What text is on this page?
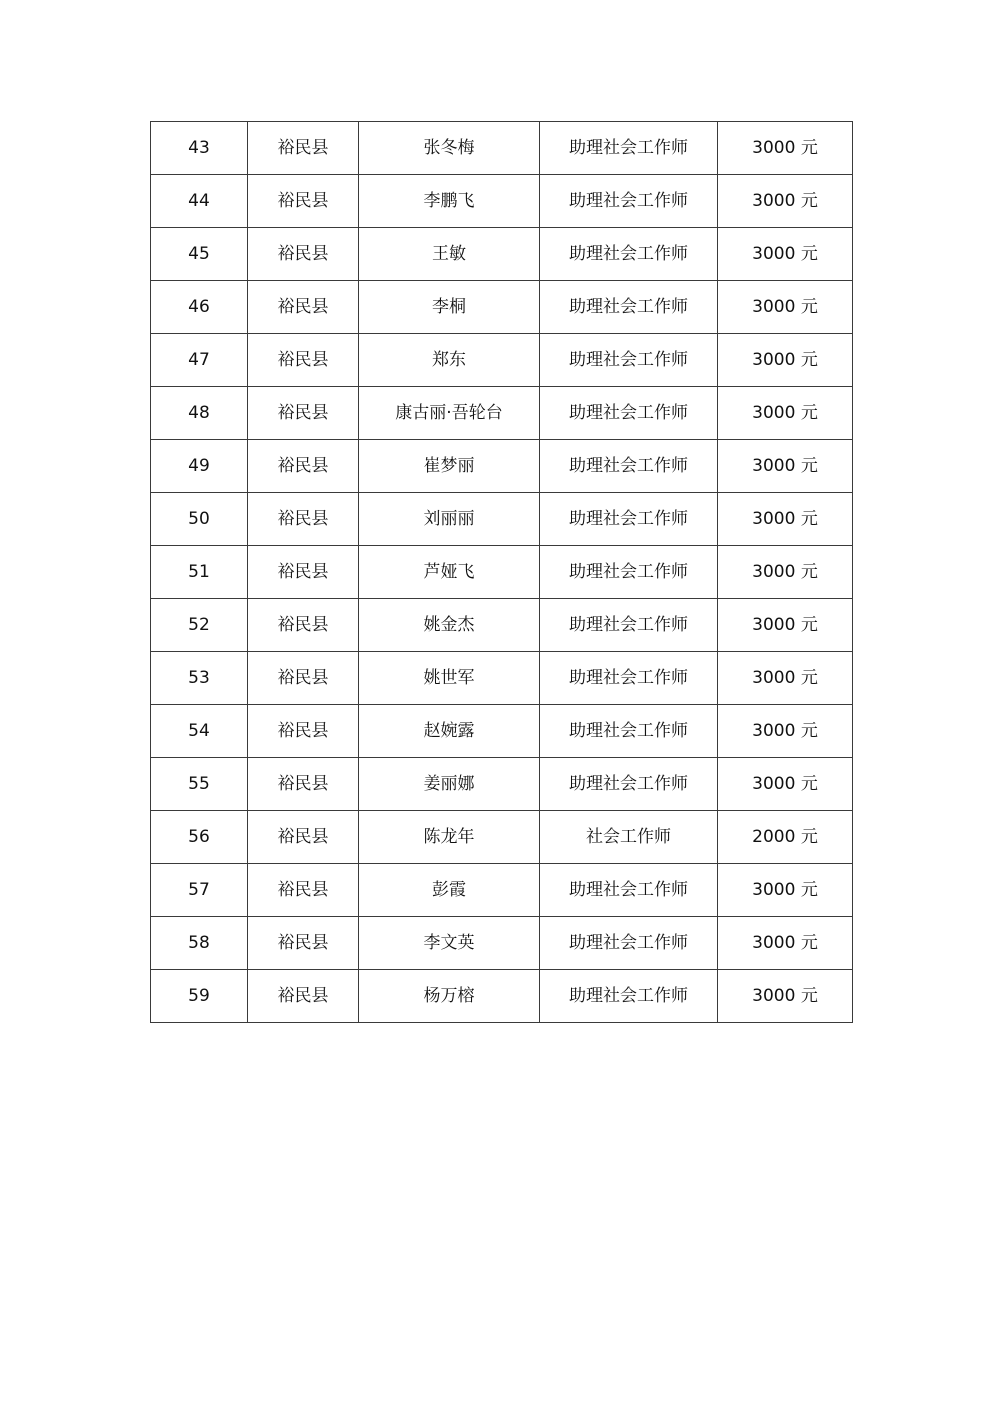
43	裕民县	张冬梅	助理社会工作师	3000 元
44	裕民县	李鹏飞	助理社会工作师	3000 元
45	裕民县	王敏	助理社会工作师	3000 元
46	裕民县	李桐	助理社会工作师	3000 元
47	裕民县	郑东	助理社会工作师	3000 元
48	裕民县	康古丽·吾轮台	助理社会工作师	3000 元
49	裕民县	崔梦丽	助理社会工作师	3000 元
50	裕民县	刘丽丽	助理社会工作师	3000 元
51	裕民县	芦娅飞	助理社会工作师	3000 元
52	裕民县	姚金杰	助理社会工作师	3000 元
53	裕民县	姚世军	助理社会工作师	3000 元
54	裕民县	赵婉露	助理社会工作师	3000 元
55	裕民县	姜丽娜	助理社会工作师	3000 元
56	裕民县	陈龙年	社会工作师	2000 元
57	裕民县	彭霞	助理社会工作师	3000 元
58	裕民县	李文英	助理社会工作师	3000 元
59	裕民县	杨万榕	助理社会工作师	3000 元
